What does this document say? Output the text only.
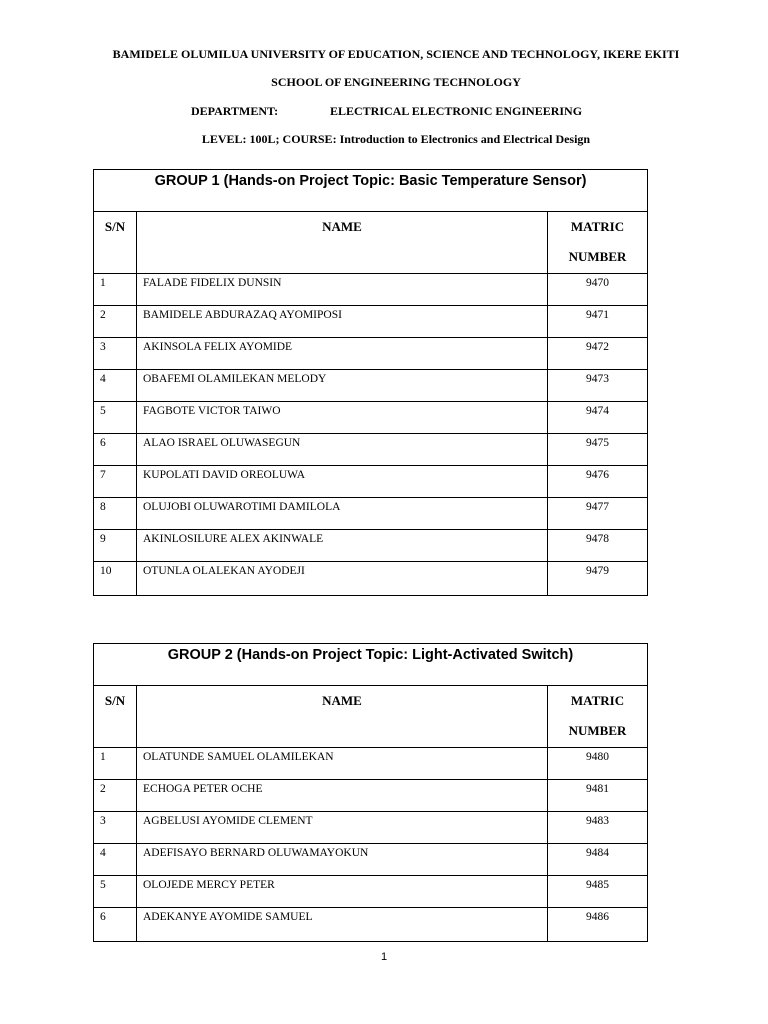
BAMIDELE OLUMILUA UNIVERSITY OF EDUCATION, SCIENCE AND TECHNOLOGY, IKERE EKITI
SCHOOL OF ENGINEERING TECHNOLOGY
DEPARTMENT:	ELECTRICAL ELECTRONIC ENGINEERING
LEVEL: 100L; COURSE: Introduction to Electronics and Electrical Design
GROUP 1 (Hands-on Project Topic: Basic Temperature Sensor)		
S/N	NAME	MATRIC
NUMBER
1	FALADE FIDELIX DUNSIN	9470
2	BAMIDELE ABDURAZAQ AYOMIPOSI	9471
3	AKINSOLA FELIX AYOMIDE	9472
4	OBAFEMI OLAMILEKAN MELODY	9473
5	FAGBOTE VICTOR TAIWO	9474
6	ALAO ISRAEL OLUWASEGUN	9475
7	KUPOLATI DAVID OREOLUWA	9476
8	OLUJOBI OLUWAROTIMI DAMILOLA	9477
9	AKINLOSILURE ALEX AKINWALE	9478
10	OTUNLA OLALEKAN AYODEJI	9479
GROUP 2 (Hands-on Project Topic: Light-Activated Switch)		
S/N	NAME	MATRIC
NUMBER
1	OLATUNDE SAMUEL OLAMILEKAN	9480
2	ECHOGA PETER OCHE	9481
3	AGBELUSI AYOMIDE CLEMENT	9483
4	ADEFISAYO BERNARD OLUWAMAYOKUN	9484
5	OLOJEDE MERCY PETER	9485
6	ADEKANYE AYOMIDE SAMUEL	9486
1
